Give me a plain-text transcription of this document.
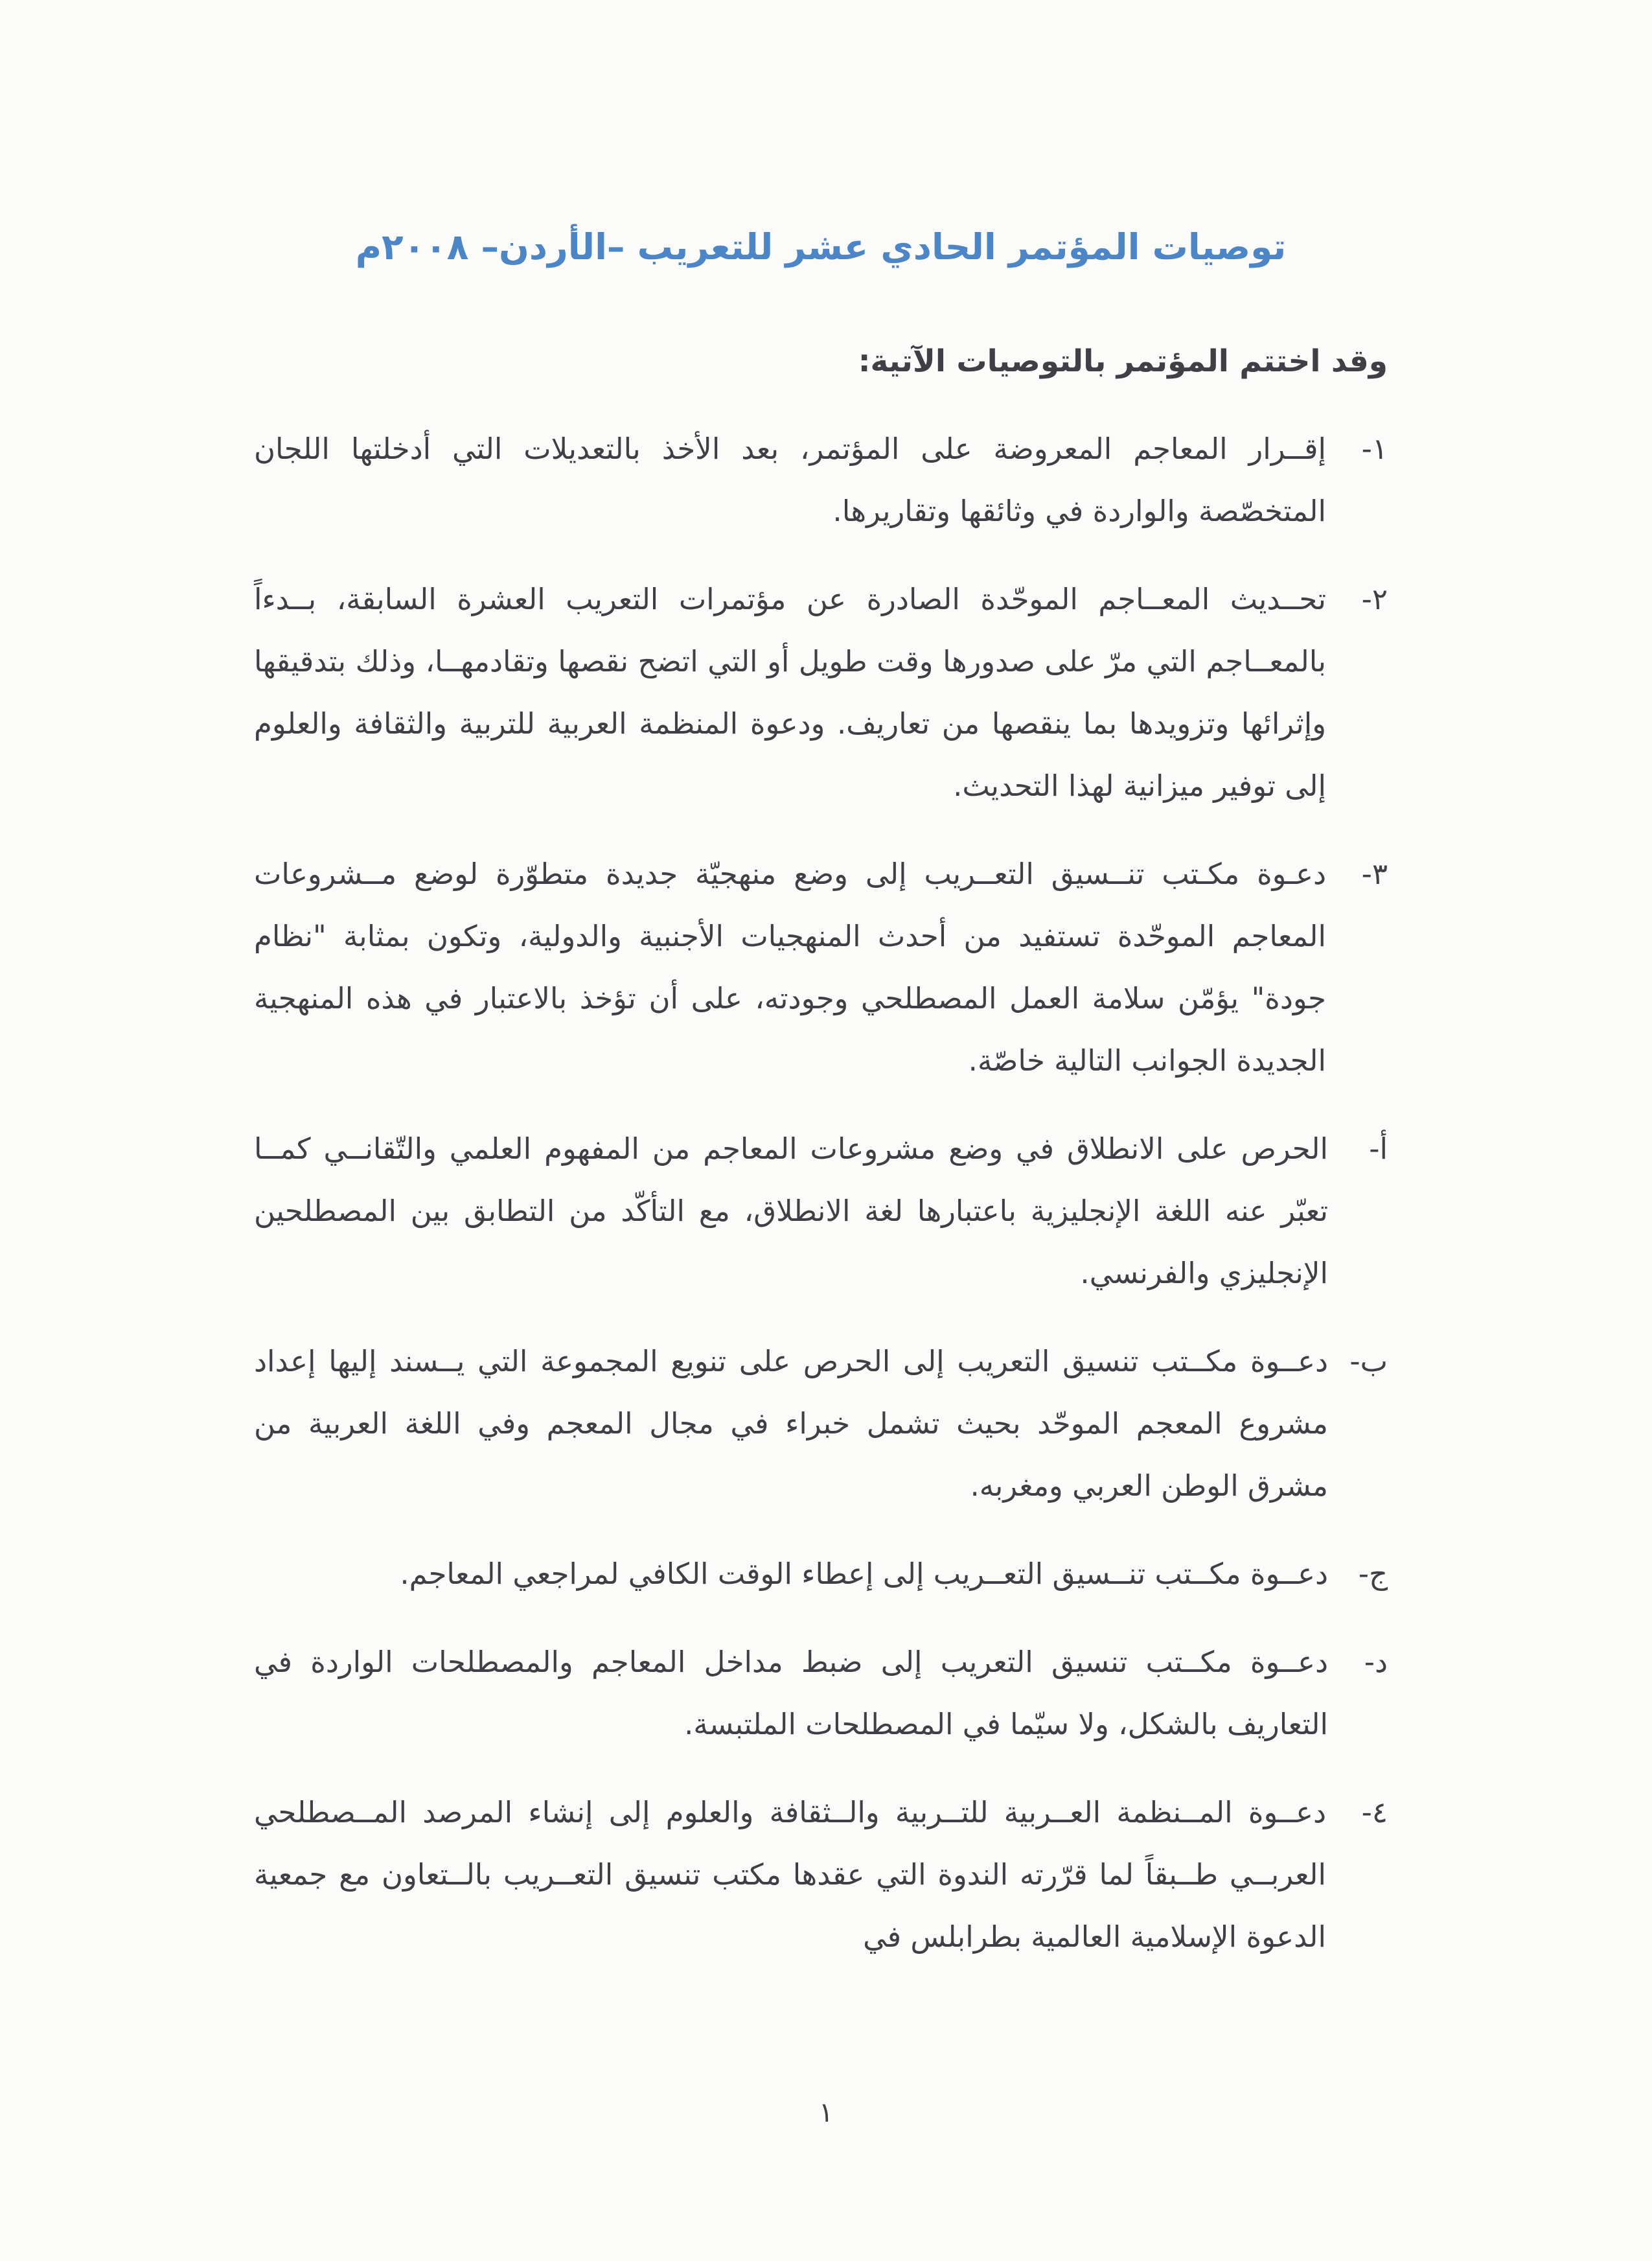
توصيات المؤتمر الحادي عشر للتعريب –الأردن– ٢٠٠٨م

وقد اختتم المؤتمر بالتوصيات الآتية:

١-

إقــرار المعاجم المعروضة على المؤتمر، بعد الأخذ بالتعديلات التي أدخلتها اللجان المتخصّصة والواردة في وثائقها وتقاريرها.

٢-

تحــديث المعــاجم الموحّدة الصادرة عن مؤتمرات التعريب العشرة السابقة، بــدءاً بالمعــاجم التي مرّ على صدورها وقت طويل أو التي اتضح نقصها وتقادمهــا، وذلك بتدقيقها وإثرائها وتزويدها بما ينقصها من تعاريف. ودعوة المنظمة العربية للتربية والثقافة والعلوم إلى توفير ميزانية لهذا التحديث.

٣-

دعـوة مكـتب تنــسيق التعــريب إلى وضع منهجيّة جديدة متطوّرة لوضع مــشروعات المعاجم الموحّدة تستفيد من أحدث المنهجيات الأجنبية والدولية، وتكون بمثابة "نظام جودة" يؤمّن سلامة العمل المصطلحي وجودته، على أن تؤخذ بالاعتبار في هذه المنهجية الجديدة الجوانب التالية خاصّة.

أ-

الحرص على الانطلاق في وضع مشروعات المعاجم من المفهوم العلمي والتّقانــي كمــا تعبّر عنه اللغة الإنجليزية باعتبارها لغة الانطلاق، مع التأكّد من التطابق بين المصطلحين الإنجليزي والفرنسي.

ب-

دعــوة مكــتب تنسيق التعريب إلى الحرص على تنويع المجموعة التي يــسند إليها إعداد مشروع المعجم الموحّد بحيث تشمل خبراء في مجال المعجم وفي اللغة العربية من مشرق الوطن العربي ومغربه.

ج-

دعــوة مكــتب تنــسيق التعــريب إلى إعطاء الوقت الكافي لمراجعي المعاجم.

د-

دعــوة مكــتب تنسيق التعريب إلى ضبط مداخل المعاجم والمصطلحات الواردة في التعاريف بالشكل، ولا سيّما في المصطلحات الملتبسة.

٤-

دعــوة المــنظمة العــربية للتــربية والــثقافة والعلوم إلى إنشاء المرصد المــصطلحي العربــي طــبقاً لما قرّرته الندوة التي عقدها مكتب تنسيق التعــريب بالــتعاون مع جمعية الدعوة الإسلامية العالمية بطرابلس في

١
